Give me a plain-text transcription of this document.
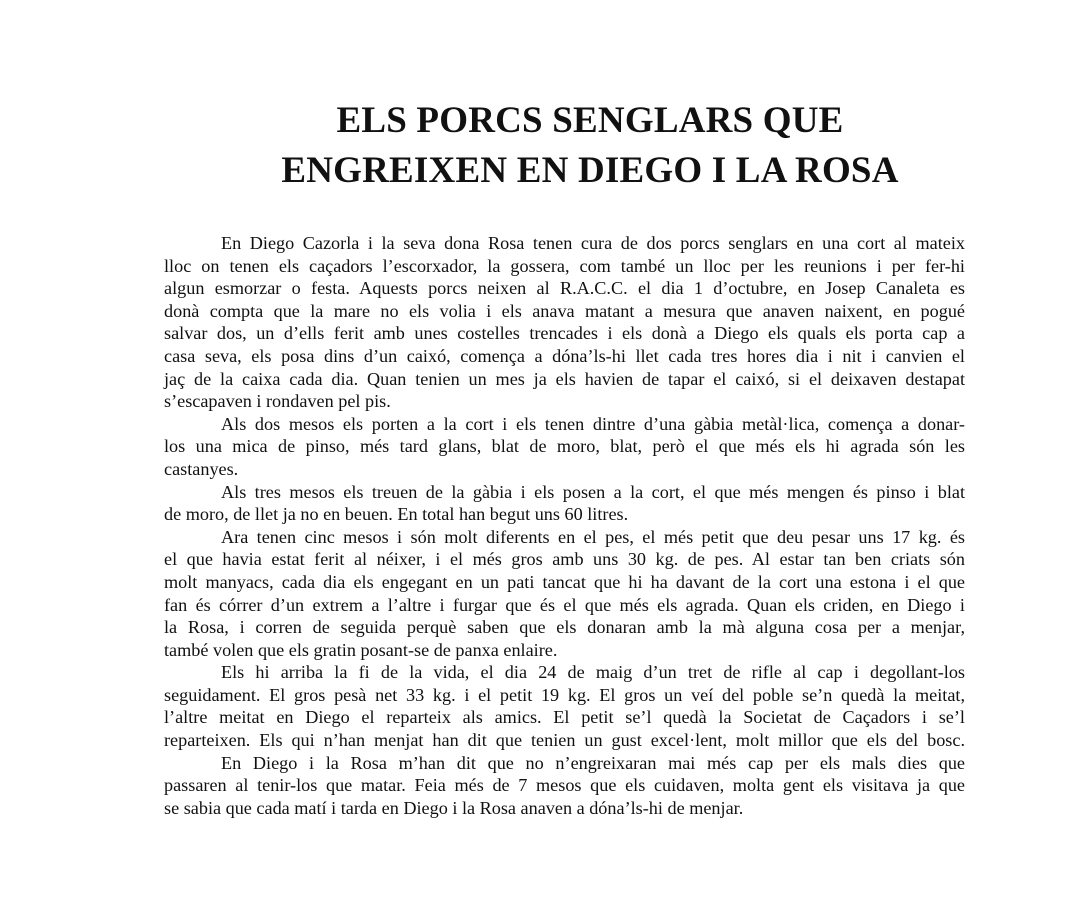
ELS PORCS SENGLARS QUE
ENGREIXEN EN DIEGO I LA ROSA
En Diego Cazorla i la seva dona Rosa tenen cura de dos porcs senglars en una cort al mateix
lloc on tenen els caçadors l’escorxador, la gossera, com també un lloc per les reunions i per fer-hi
algun esmorzar o festa. Aquests porcs neixen al R.A.C.C. el dia 1 d’octubre, en Josep Canaleta es
donà compta que la mare no els volia i els anava matant a mesura que anaven naixent, en pogué
salvar dos, un d’ells ferit amb unes costelles trencades i els donà a Diego els quals els porta cap a
casa seva, els posa dins d’un caixó, comença a dóna’ls-hi llet cada tres hores dia i nit i canvien el
jaç de la caixa cada dia. Quan tenien un mes ja els havien de tapar el caixó, si el deixaven destapat
s’escapaven i rondaven pel pis.
Als dos mesos els porten a la cort i els tenen dintre d’una gàbia metàl·lica, comença a donar-
los una mica de pinso, més tard glans, blat de moro, blat, però el que més els hi agrada són les
castanyes.
Als tres mesos els treuen de la gàbia i els posen a la cort, el que més mengen és pinso i blat
de moro, de llet ja no en beuen. En total han begut uns 60 litres.
Ara tenen cinc mesos i són molt diferents en el pes, el més petit que deu pesar uns 17 kg. és
el que havia estat ferit al néixer, i el més gros amb uns 30 kg. de pes. Al estar tan ben criats són
molt manyacs, cada dia els engegant en un pati tancat que hi ha davant de la cort una estona i el que
fan és córrer d’un extrem a l’altre i furgar que és el que més els agrada. Quan els criden, en Diego i
la Rosa, i corren de seguida perquè saben que els donaran amb la mà alguna cosa per a menjar,
també volen que els gratin posant-se de panxa enlaire.
Els hi arriba la fi de la vida, el dia 24 de maig d’un tret de rifle al cap i degollant-los
seguidament. El gros pesà net 33 kg. i el petit 19 kg. El gros un veí del poble se’n quedà la meitat,
l’altre meitat en Diego el reparteix als amics. El petit se’l quedà la Societat de Caçadors i se’l
reparteixen. Els qui n’han menjat han dit que tenien un gust excel·lent, molt millor que els del bosc.
En Diego i la Rosa m’han dit que no n’engreixaran mai més cap per els mals dies que
passaren al tenir-los que matar. Feia més de 7 mesos que els cuidaven, molta gent els visitava ja que
se sabia que cada matí i tarda en Diego i la Rosa anaven a dóna’ls-hi de menjar.
